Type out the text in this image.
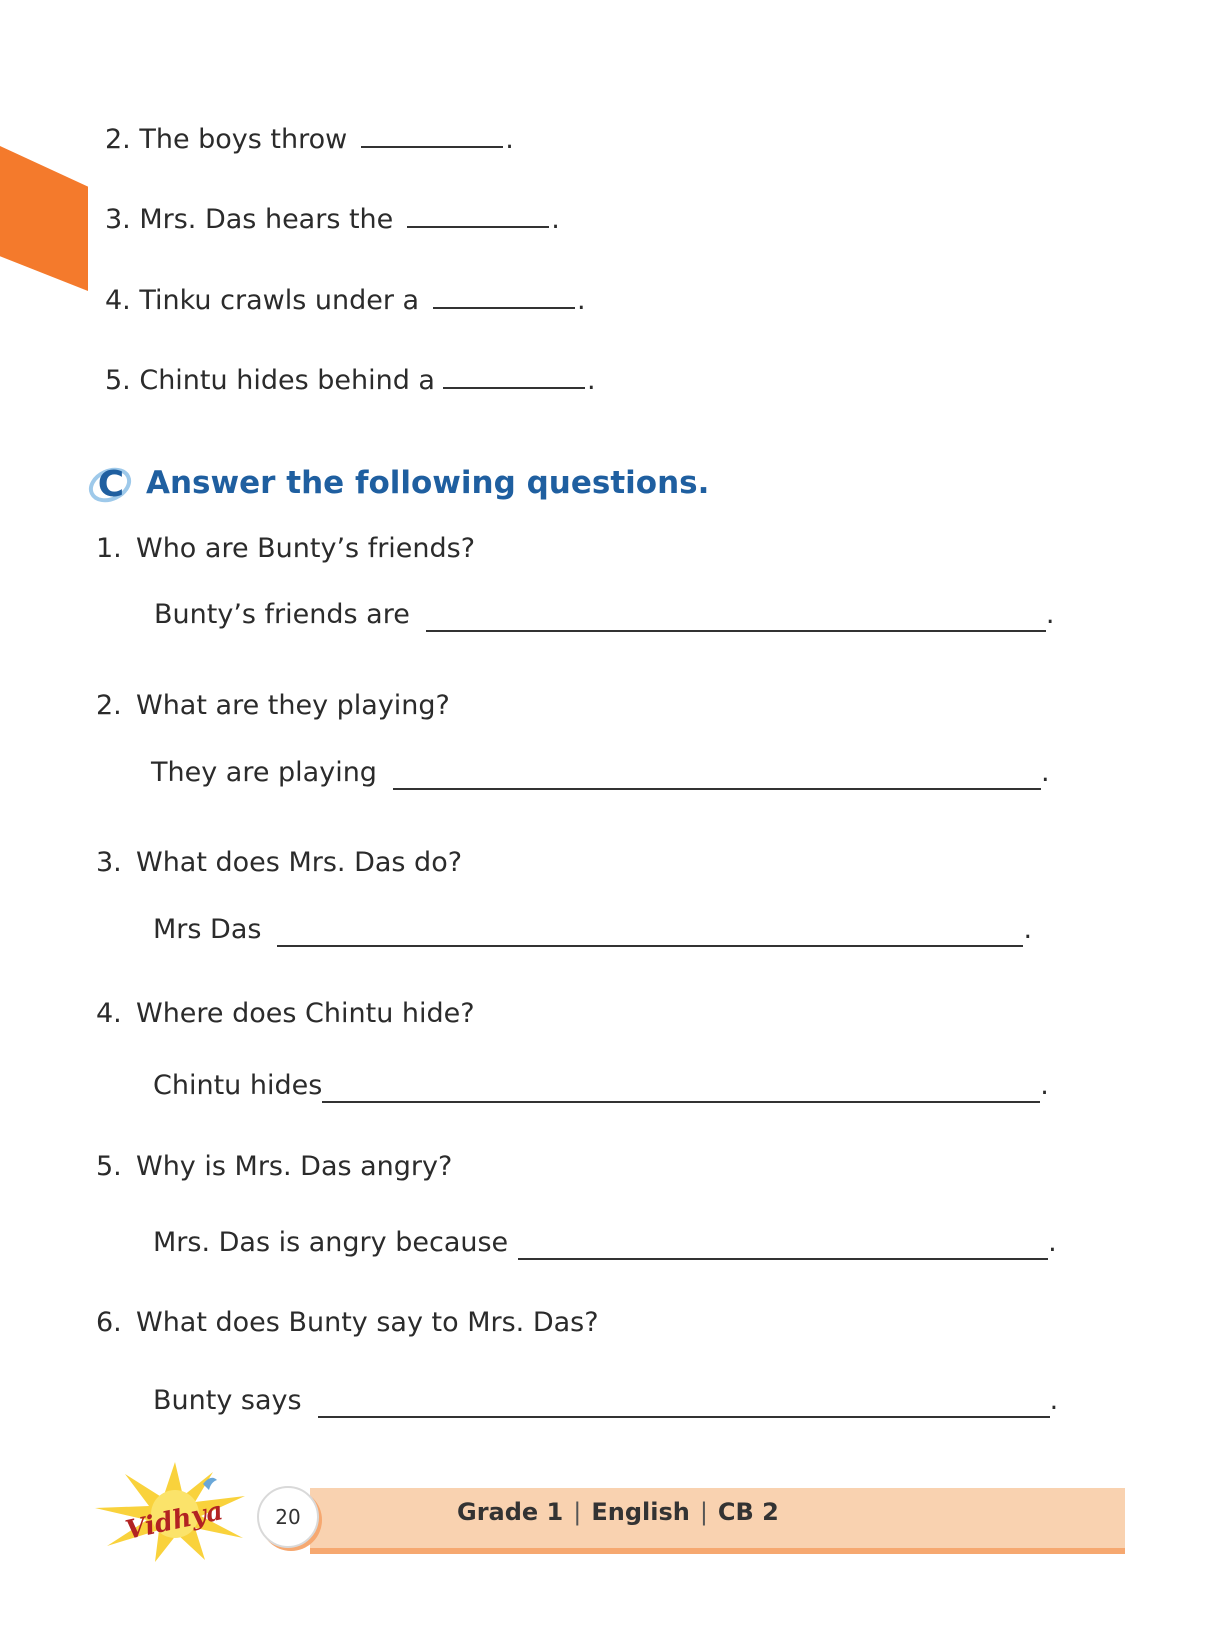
2. The boys throw	.
3. Mrs. Das hears the	.
4. Tinku crawls under a	.
5. Chintu hides behind a	.
C Answer the following questions.
1. Who are Bunty’s friends?
Bunty’s friends are	.
2. What are they playing?
They are playing	.
3. What does Mrs. Das do?
Mrs Das	.
4. Where does Chintu hide?
Chintu hides	.
5. Why is Mrs. Das angry?
Mrs. Das is angry because	.
6. What does Bunty say to Mrs. Das?
Bunty says	.
Vidhya	20	Grade 1 | English | CB 2
